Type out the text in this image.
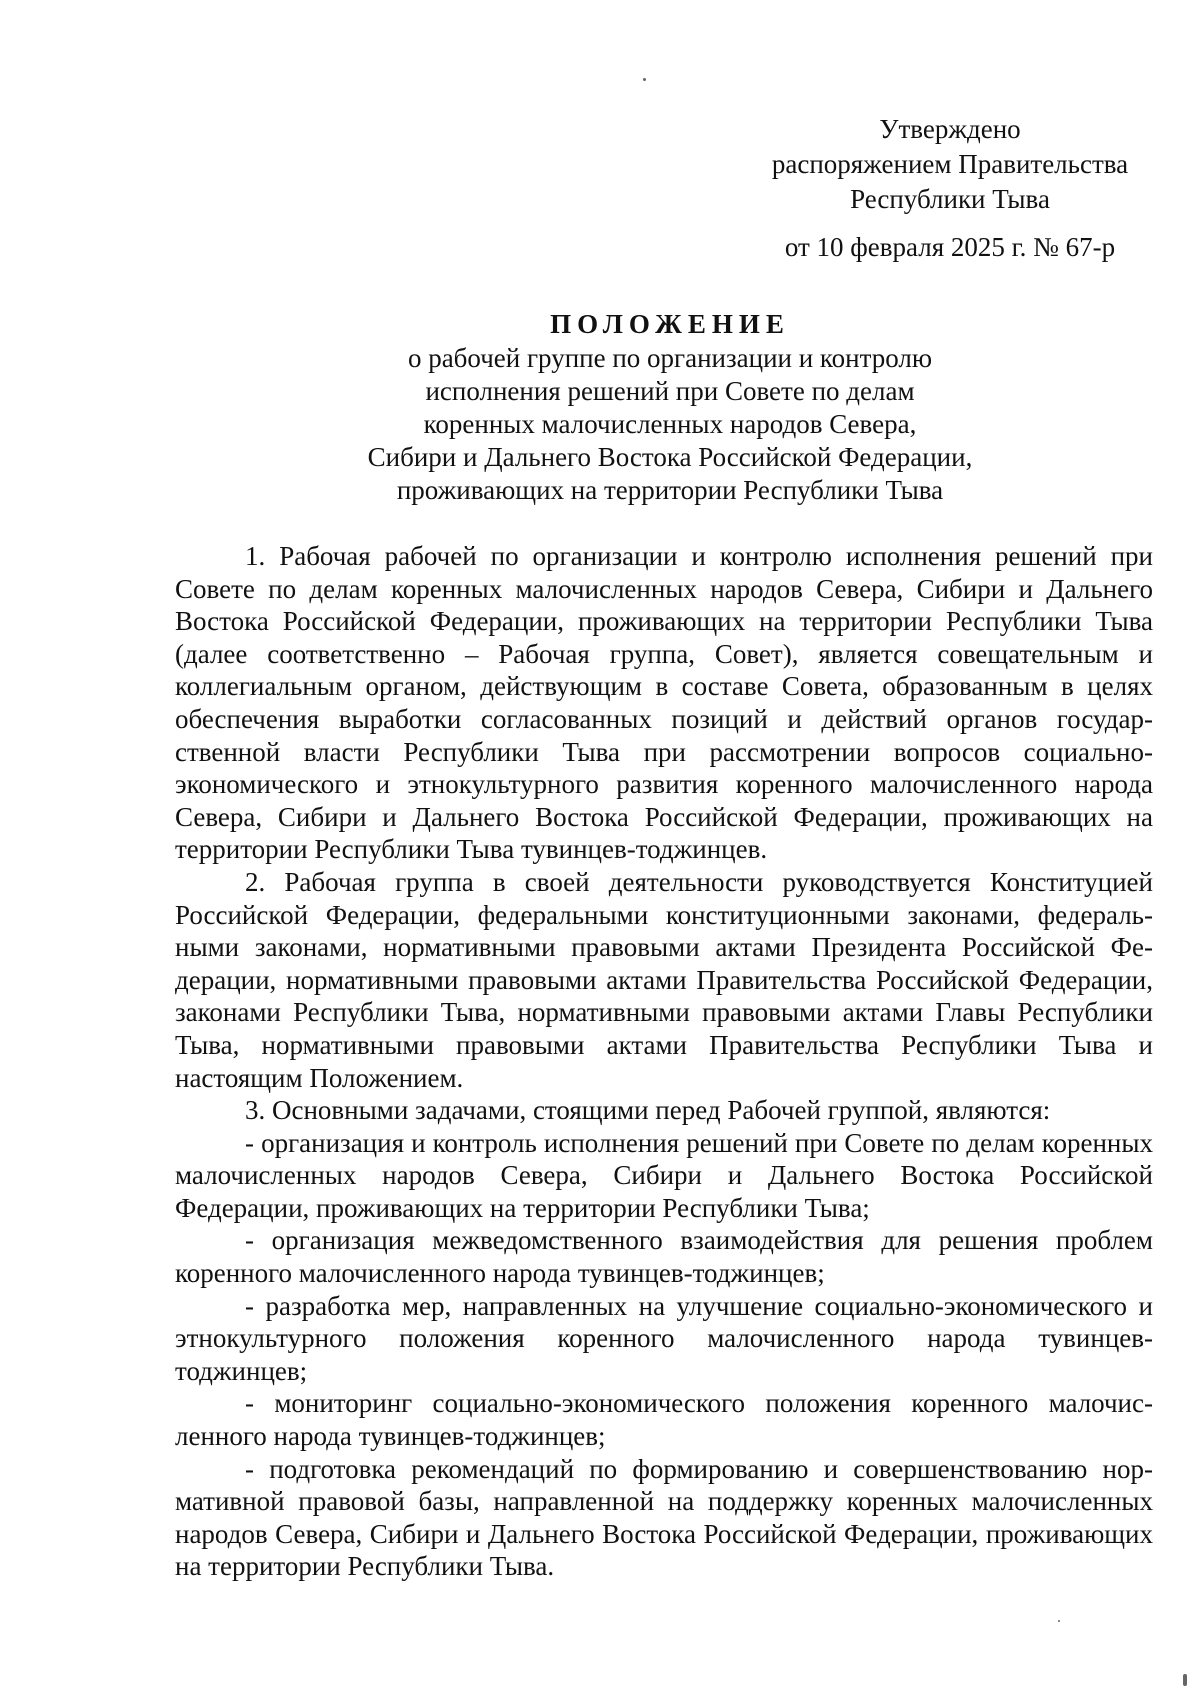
Утверждено
распоряжением Правительства
Республики Тыва
от 10 февраля 2025 г. № 67-р
ПОЛОЖЕНИЕ
о рабочей группе по организации и контролю
исполнения решений при Совете по делам
коренных малочисленных народов Севера,
Сибири и Дальнего Востока Российской Федерации,
проживающих на территории Республики Тыва

1. Рабочая рабочей по организации и контролю исполнения решений при Совете по делам коренных малочисленных народов Севера, Сибири и Дальнего Востока Российской Федерации, проживающих на территории Республики Тыва (далее соответственно – Рабочая группа, Совет), является совещательным и коллегиальным органом, действующим в составе Совета, образованным в целях обеспечения выработки согласованных позиций и действий органов государственной власти Республики Тыва при рассмотрении вопросов социально-экономического и этнокультурного развития коренного малочисленного народа Севера, Сибири и Дальнего Востока Российской Федерации, проживающих на территории Республики Тыва тувинцев-тоджинцев.

2. Рабочая группа в своей деятельности руководствуется Конституцией Российской Федерации, федеральными конституционными законами, федеральными законами, нормативными правовыми актами Президента Российской Федерации, нормативными правовыми актами Правительства Российской Федерации, законами Республики Тыва, нормативными правовыми актами Главы Республики Тыва, нормативными правовыми актами Правительства Республики Тыва и настоящим Положением.

3. Основными задачами, стоящими перед Рабочей группой, являются:

- организация и контроль исполнения решений при Совете по делам коренных малочисленных народов Севера, Сибири и Дальнего Востока Российской Федерации, проживающих на территории Республики Тыва;

- организация межведомственного взаимодействия для решения проблем коренного малочисленного народа тувинцев-тоджинцев;

- разработка мер, направленных на улучшение социально-экономического и этнокультурного положения коренного малочисленного народа тувинцев-тоджинцев;

- мониторинг социально-экономического положения коренного малочисленного народа тувинцев-тоджинцев;

- подготовка рекомендаций по формированию и совершенствованию нормативной правовой базы, направленной на поддержку коренных малочисленных народов Севера, Сибири и Дальнего Востока Российской Федерации, проживающих на территории Республики Тыва.
